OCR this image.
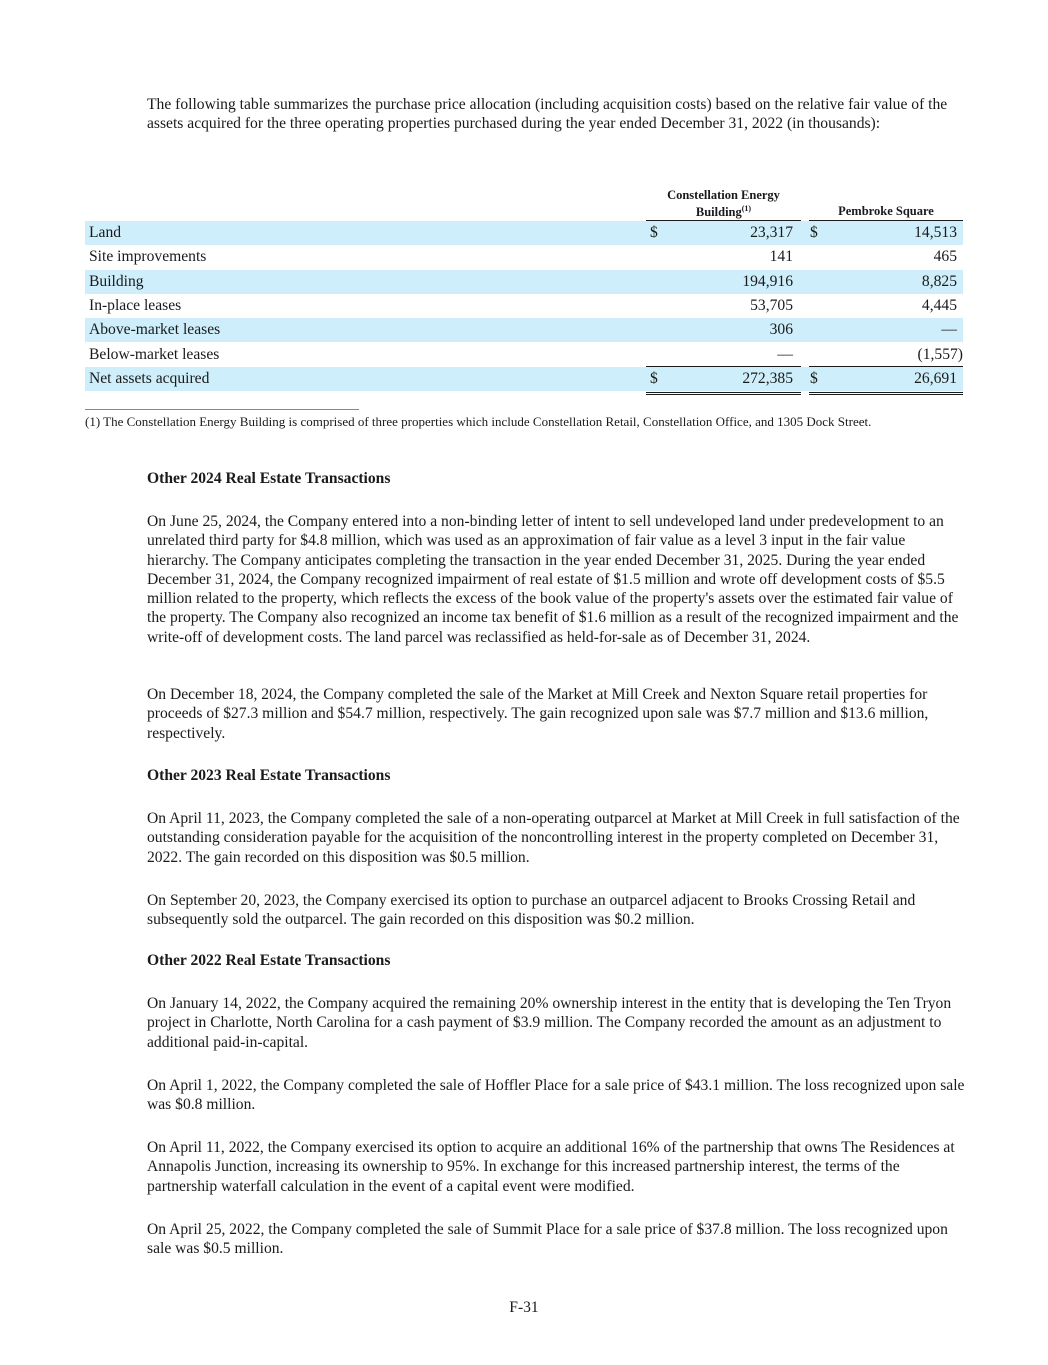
The following table summarizes the purchase price allocation (including acquisition costs) based on the relative fair value of the assets acquired for the three operating properties purchased during the year ended December 31, 2022 (in thousands):

Constellation Energy Building$^{(1)}$	Pembroke Square
Land	$	23,317 $	14,513
Site improvements	141	465
Building	194,916	8,825
In-place leases	53,705	4,445
Above-market leases	306	—
Below-market leases	—	(1,557)
Net assets acquired	$	272,385 $	26,691

(1) The Constellation Energy Building is comprised of three properties which include Constellation Retail, Constellation Office, and 1305 Dock Street.

Other 2024 Real Estate Transactions

On June 25, 2024, the Company entered into a non-binding letter of intent to sell undeveloped land under predevelopment to an unrelated third party for $4.8 million, which was used as an approximation of fair value as a level 3 input in the fair value hierarchy. The Company anticipates completing the transaction in the year ended December 31, 2025. During the year ended December 31, 2024, the Company recognized impairment of real estate of $1.5 million and wrote off development costs of $5.5 million related to the property, which reflects the excess of the book value of the property's assets over the estimated fair value of the property. The Company also recognized an income tax benefit of $1.6 million as a result of the recognized impairment and the write-off of development costs. The land parcel was reclassified as held-for-sale as of December 31, 2024.

On December 18, 2024, the Company completed the sale of the Market at Mill Creek and Nexton Square retail properties for proceeds of $27.3 million and $54.7 million, respectively. The gain recognized upon sale was $7.7 million and $13.6 million, respectively.

Other 2023 Real Estate Transactions

On April 11, 2023, the Company completed the sale of a non-operating outparcel at Market at Mill Creek in full satisfaction of the outstanding consideration payable for the acquisition of the noncontrolling interest in the property completed on December 31, 2022. The gain recorded on this disposition was $0.5 million.

On September 20, 2023, the Company exercised its option to purchase an outparcel adjacent to Brooks Crossing Retail and subsequently sold the outparcel. The gain recorded on this disposition was $0.2 million.

Other 2022 Real Estate Transactions

On January 14, 2022, the Company acquired the remaining 20% ownership interest in the entity that is developing the Ten Tryon project in Charlotte, North Carolina for a cash payment of $3.9 million. The Company recorded the amount as an adjustment to additional paid-in-capital.

On April 1, 2022, the Company completed the sale of Hoffler Place for a sale price of $43.1 million. The loss recognized upon sale was $0.8 million.

On April 11, 2022, the Company exercised its option to acquire an additional 16% of the partnership that owns The Residences at Annapolis Junction, increasing its ownership to 95%. In exchange for this increased partnership interest, the terms of the partnership waterfall calculation in the event of a capital event were modified.

On April 25, 2022, the Company completed the sale of Summit Place for a sale price of $37.8 million. The loss recognized upon sale was $0.5 million.

F-31
